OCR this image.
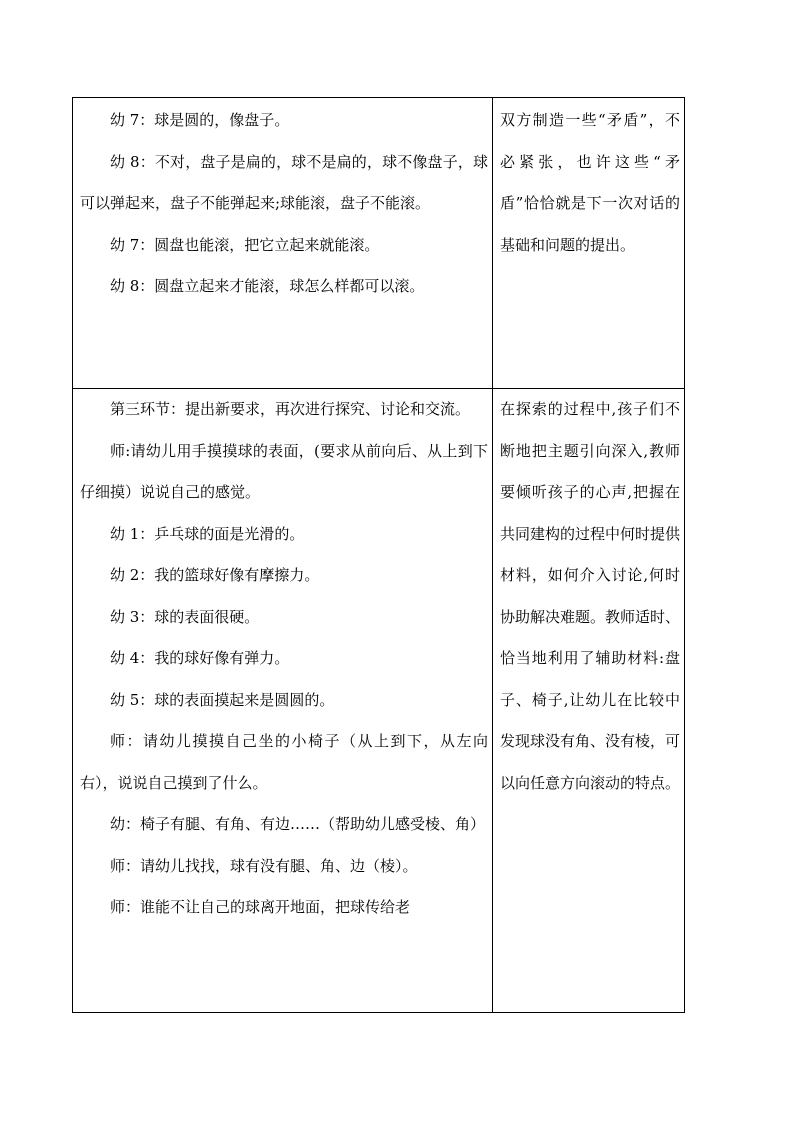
幼 7：球是圆的，像盘子。

幼 8：不对，盘子是扁的，球不是扁的，球不像盘子，球可以弹起来，盘子不能弹起来;球能滚，盘子不能滚。

幼 7：圆盘也能滚，把它立起来就能滚。

幼 8：圆盘立起来才能滚，球怎么样都可以滚。

双方制造一些“矛盾”，不必紧张，也许这些“矛盾”恰恰就是下一次对话的基础和问题的提出。

第三环节：提出新要求，再次进行探究、讨论和交流。

师:请幼儿用手摸摸球的表面，(要求从前向后、从上到下仔细摸）说说自己的感觉。

幼 1：乒乓球的面是光滑的。

幼 2：我的篮球好像有摩擦力。

幼 3：球的表面很硬。

幼 4：我的球好像有弹力。

幼 5：球的表面摸起来是圆圆的。

师：请幼儿摸摸自己坐的小椅子（从上到下，从左向右），说说自己摸到了什么。

幼：椅子有腿、有角、有边……（帮助幼儿感受棱、角）

师：请幼儿找找，球有没有腿、角、边（棱）。

师：谁能不让自己的球离开地面，把球传给老

在探索的过程中,孩子们不断地把主题引向深入,教师要倾听孩子的心声,把握在共同建构的过程中何时提供材料，如何介入讨论,何时协助解决难题。教师适时、恰当地利用了辅助材料:盘子、椅子,让幼儿在比较中发现球没有角、没有棱，可以向任意方向滚动的特点。
